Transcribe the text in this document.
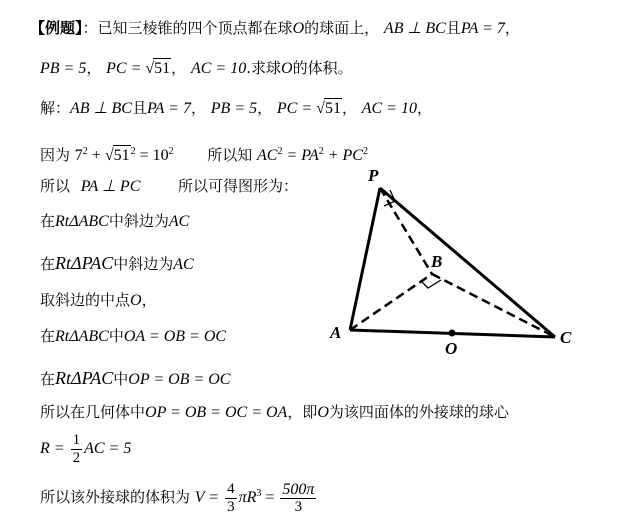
【例题】：已知三棱锥的四个顶点都在球O的球面上， AB ⊥ BC且PA = 7，
PB = 5， PC = √51， AC = 10.求球O的体积。
解：AB ⊥ BC且PA = 7， PB = 5， PC = √51， AC = 10，
因为 $7^2 + √51^2 = 10^2$ 所以知 $AC^2 = PA^2 + PC^2$
所以 PA ⊥ PC	所以可得图形为：
在RtΔABC中斜边为AC
在RtΔPAC中斜边为AC
取斜边的中点O，
在RtΔABC中OA = OB = OC
在RtΔPAC中OP = OB = OC
所以在几何体中OP = OB = OC = OA，即O为该四面体的外接球的球心
$R = \frac{1}{2}$ AC = 5
所以该外接球的体积为 $V = \frac{4}{3} \pi R^3 = \frac{500\pi}{3}$
P
B
A	C
O
